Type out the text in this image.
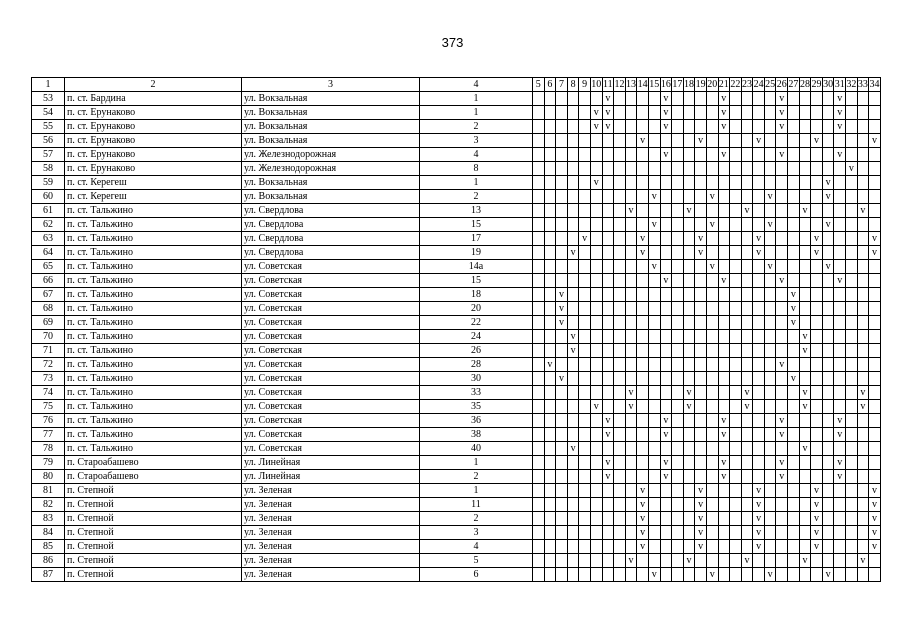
373
1	2	3	4	5	6	7	8	9	10	11	12	13	14	15	16	17	18	19	20	21	22	23	24	25	26	27	28	29	30	31	32	33	34
53	п. ст. Бардина	ул. Вокзальная	1							v					v					v					v					v			
54	п. ст. Ерунаково	ул. Вокзальная	1						v	v					v					v					v					v			
55	п. ст. Ерунаково	ул. Вокзальная	2						v	v					v					v					v					v			
56	п. ст. Ерунаково	ул. Вокзальная	3										v					v					v					v					v
57	п. ст. Ерунаково	ул. Железнодорожная	4												v					v					v					v			
58	п. ст. Ерунаково	ул. Железнодорожная	8																												v		
59	п. ст. Керегеш	ул. Вокзальная	1						v																				v				
60	п. ст. Керегеш	ул. Вокзальная	2											v					v					v					v				
61	п. ст. Тальжино	ул. Свердлова	13									v					v					v					v					v	
62	п. ст. Тальжино	ул. Свердлова	15											v					v					v					v				
63	п. ст. Тальжино	ул. Свердлова	17					v					v					v					v					v					v
64	п. ст. Тальжино	ул. Свердлова	19				v						v					v					v					v					v
65	п. ст. Тальжино	ул. Советская	14а											v					v					v					v				
66	п. ст. Тальжино	ул. Советская	15												v					v					v					v			
67	п. ст. Тальжино	ул. Советская	18			v																				v							
68	п. ст. Тальжино	ул. Советская	20			v																				v							
69	п. ст. Тальжино	ул. Советская	22			v																				v							
70	п. ст. Тальжино	ул. Советская	24				v																				v						
71	п. ст. Тальжино	ул. Советская	26				v																				v						
72	п. ст. Тальжино	ул. Советская	28		v																				v								
73	п. ст. Тальжино	ул. Советская	30			v																				v							
74	п. ст. Тальжино	ул. Советская	33									v					v					v					v					v	
75	п. ст. Тальжино	ул. Советская	35						v			v					v					v					v					v	
76	п. ст. Тальжино	ул. Советская	36							v					v					v					v					v			
77	п. ст. Тальжино	ул. Советская	38							v					v					v					v					v			
78	п. ст. Тальжино	ул. Советская	40				v																				v						
79	п. Староабашево	ул. Линейная	1							v					v					v					v					v			
80	п. Староабашево	ул. Линейная	2							v					v					v					v					v			
81	п. Степной	ул. Зеленая	1										v					v					v					v					v
82	п. Степной	ул. Зеленая	11										v					v					v					v					v
83	п. Степной	ул. Зеленая	2										v					v					v					v					v
84	п. Степной	ул. Зеленая	3										v					v					v					v					v
85	п. Степной	ул. Зеленая	4										v					v					v					v					v
86	п. Степной	ул. Зеленая	5									v					v					v					v					v	
87	п. Степной	ул. Зеленая	6											v					v					v					v				
